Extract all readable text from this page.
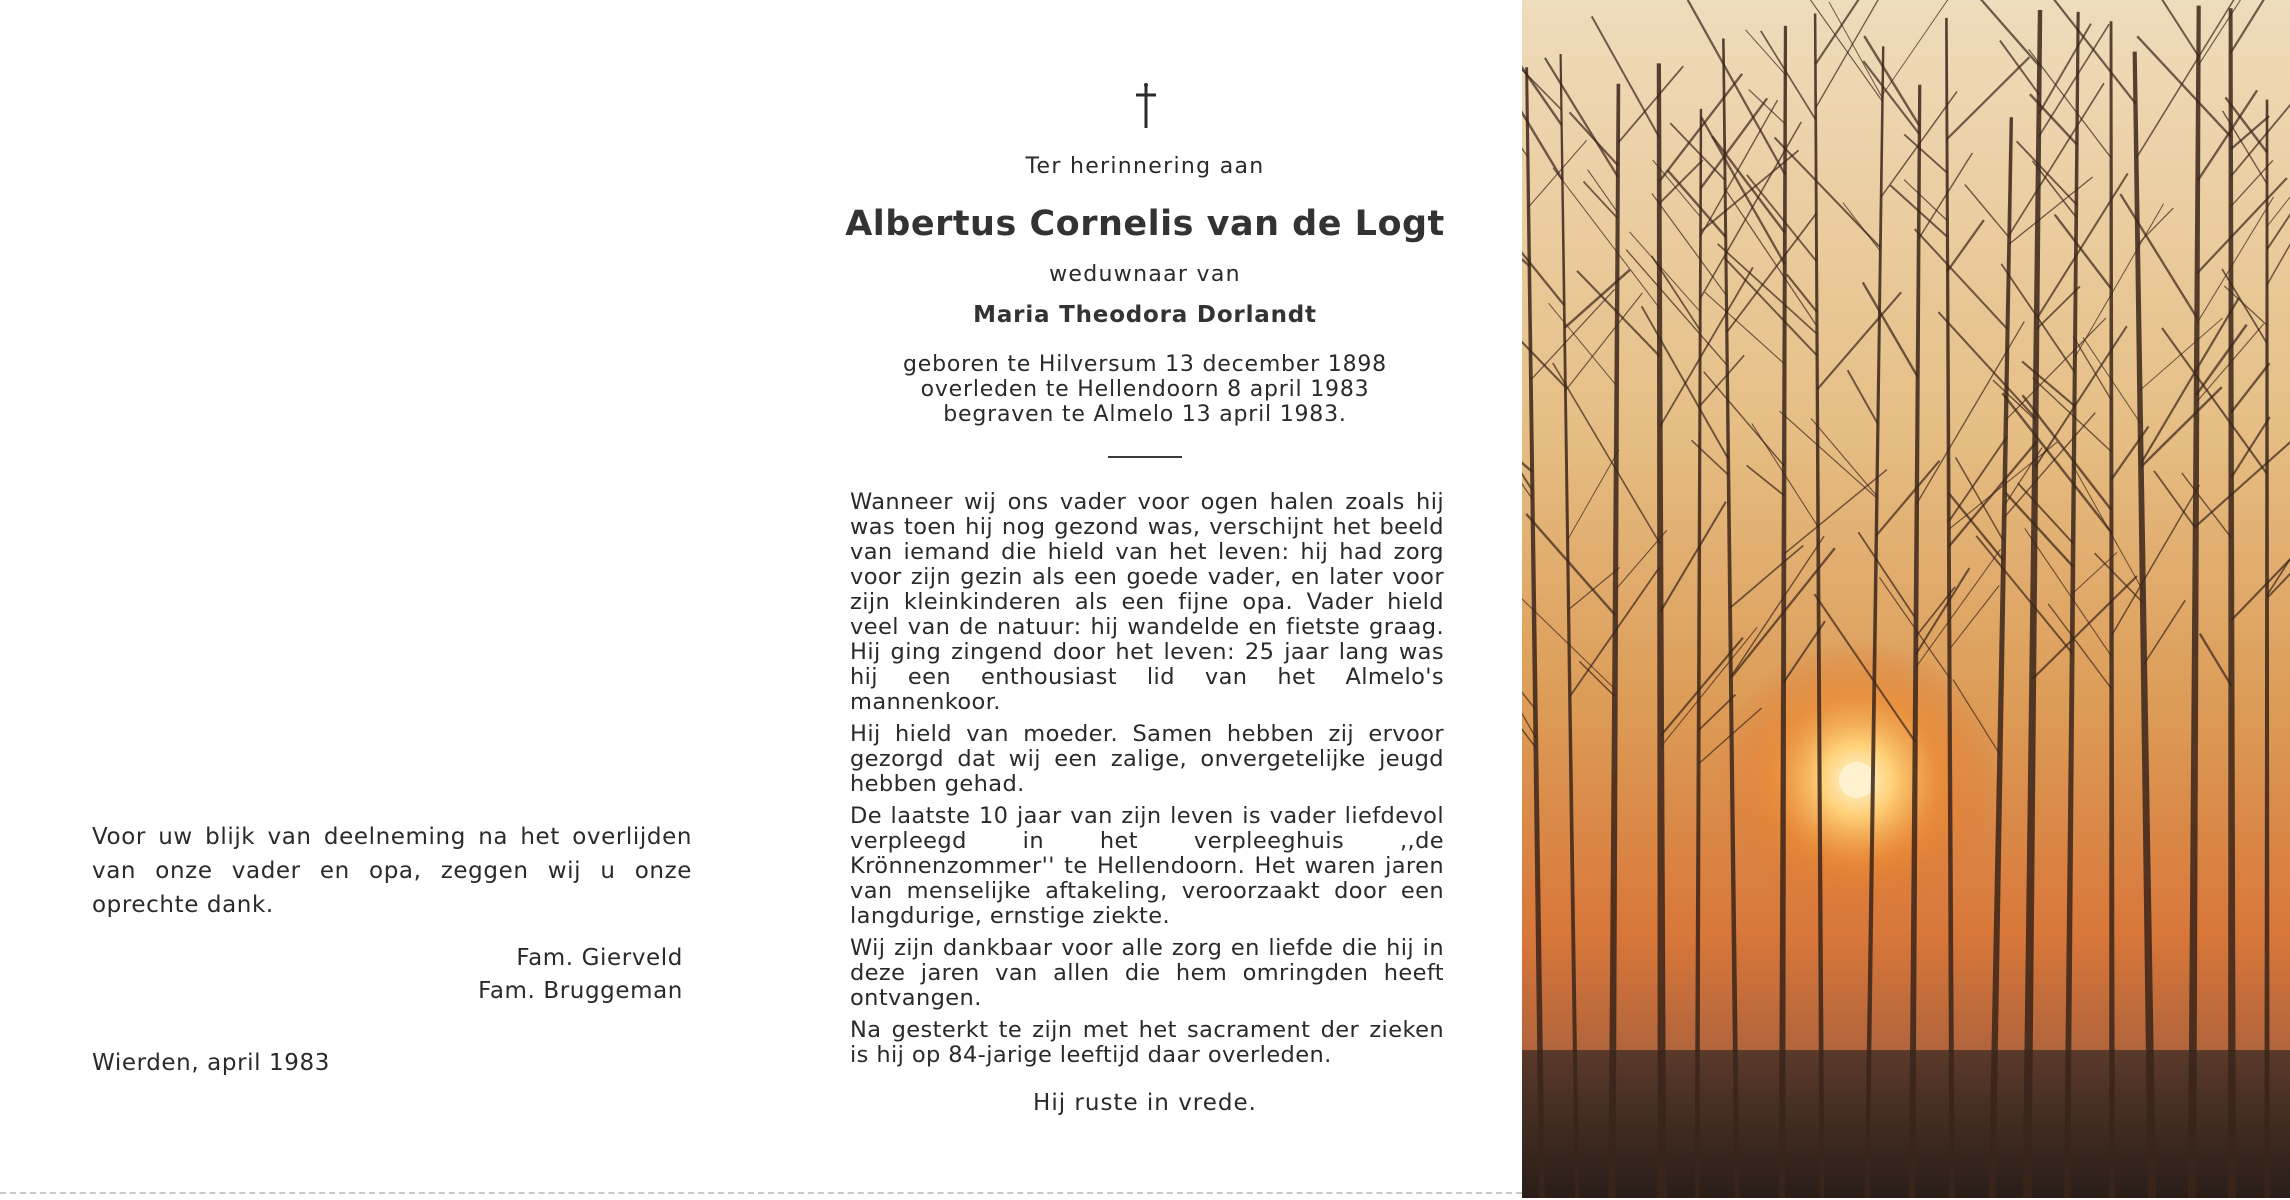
Voor uw blijk van deelneming na het overlijden van onze vader en opa, zeggen wij u onze oprechte dank.

Fam. Gierveld
Fam. Bruggeman
Wierden, april 1983

Ter herinnering aan

Albertus Cornelis van de Logt

weduwnaar van

Maria Theodora Dorlandt

geboren te Hilversum 13 december 1898
overleden te Hellendoorn 8 april 1983
begraven te Almelo 13 april 1983.

Wanneer wij ons vader voor ogen halen zoals hij was toen hij nog gezond was, verschijnt het beeld van iemand die hield van het leven: hij had zorg voor zijn gezin als een goede vader, en later voor zijn kleinkinderen als een fijne opa. Vader hield veel van de natuur: hij wandelde en fietste graag. Hij ging zingend door het leven: 25 jaar lang was hij een enthousiast lid van het Almelo's mannenkoor.

Hij hield van moeder. Samen hebben zij ervoor gezorgd dat wij een zalige, onvergetelijke jeugd hebben gehad.

De laatste 10 jaar van zijn leven is vader liefdevol verpleegd in het verpleeghuis ,,de Krönnenzommer'' te Hellendoorn. Het waren jaren van menselijke aftakeling, veroorzaakt door een langdurige, ernstige ziekte.

Wij zijn dankbaar voor alle zorg en liefde die hij in deze jaren van allen die hem omringden heeft ontvangen.

Na gesterkt te zijn met het sacrament der zieken is hij op 84-jarige leeftijd daar overleden.

Hij ruste in vrede.
